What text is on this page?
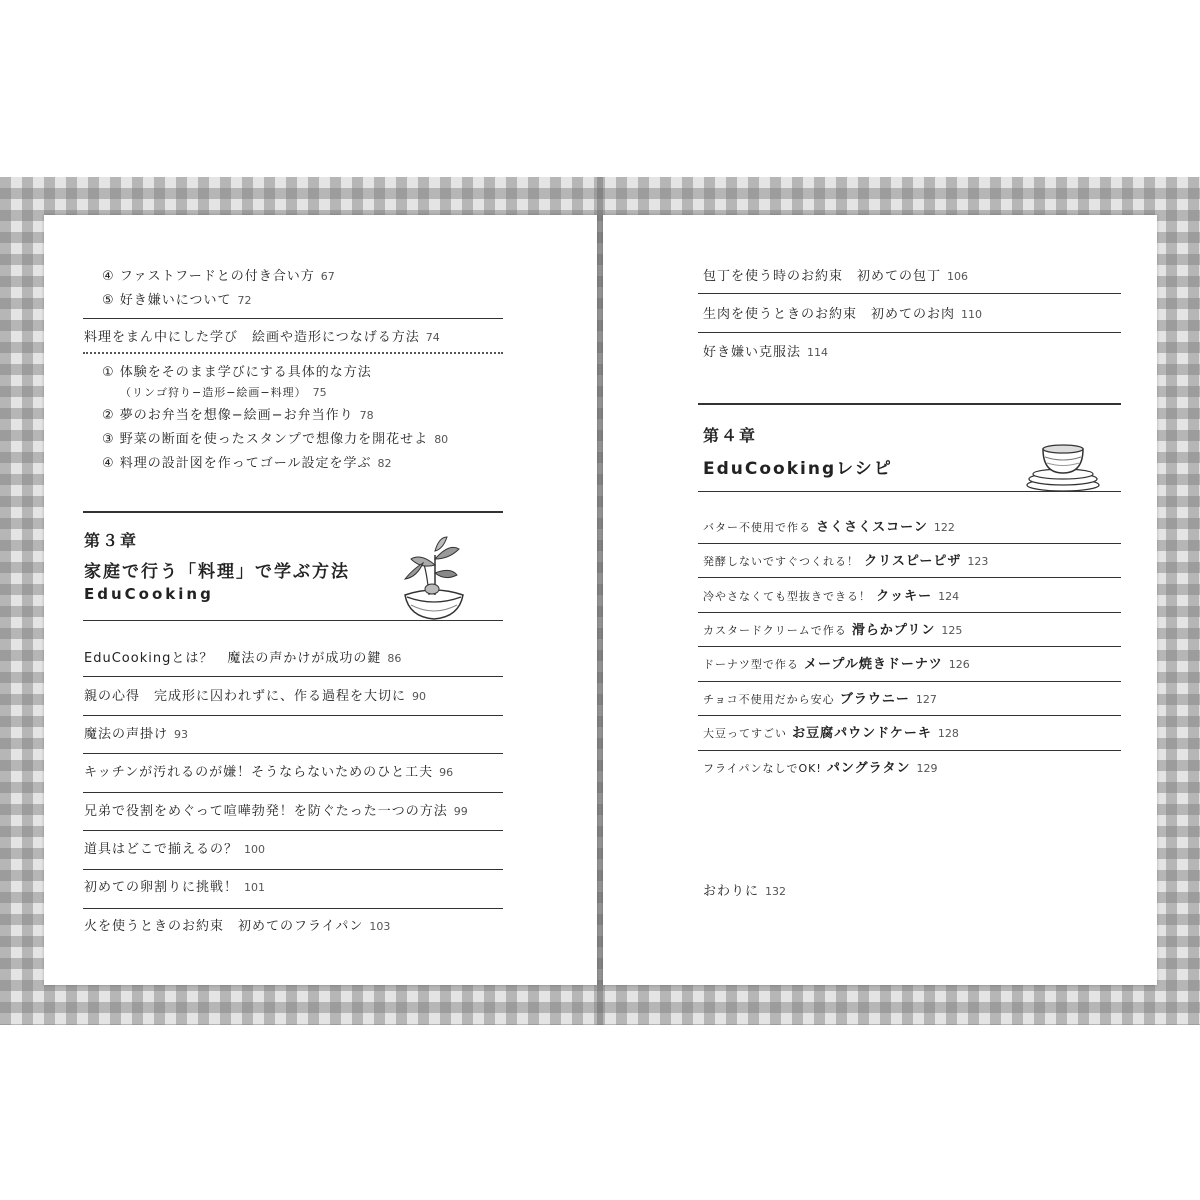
④ ファストフードとの付き合い方 67
⑤ 好き嫌いについて 72
料理をまん中にした学び　絵画や造形につなげる方法 74
① 体験をそのまま学びにする具体的な方法
（リンゴ狩り−造形−絵画−料理） 75
② 夢のお弁当を想像−絵画−お弁当作り 78
③ 野菜の断面を使ったスタンプで想像力を開花せよ 80
④ 料理の設計図を作ってゴール設定を学ぶ 82
第３章
家庭で行う「料理」で学ぶ方法
EduCooking
EduCookingとは？　魔法の声かけが成功の鍵 86
親の心得　完成形に囚われずに、作る過程を大切に 90
魔法の声掛け 93
キッチンが汚れるのが嫌！そうならないためのひと工夫 96
兄弟で役割をめぐって喧嘩勃発！を防ぐたった一つの方法 99
道具はどこで揃えるの？ 100
初めての卵割りに挑戦！ 101
火を使うときのお約束　初めてのフライパン 103
包丁を使う時のお約束　初めての包丁 106
生肉を使うときのお約束　初めてのお肉 110
好き嫌い克服法 114
第４章
EduCookingレシピ
バター不使用で作る さくさくスコーン 122
発酵しないですぐつくれる！ クリスピーピザ 123
冷やさなくても型抜きできる！ クッキー 124
カスタードクリームで作る 滑らかプリン 125
ドーナツ型で作る メープル焼きドーナツ 126
チョコ不使用だから安心 ブラウニー 127
大豆ってすごい お豆腐パウンドケーキ 128
フライパンなしでOK! パングラタン 129
おわりに 132
